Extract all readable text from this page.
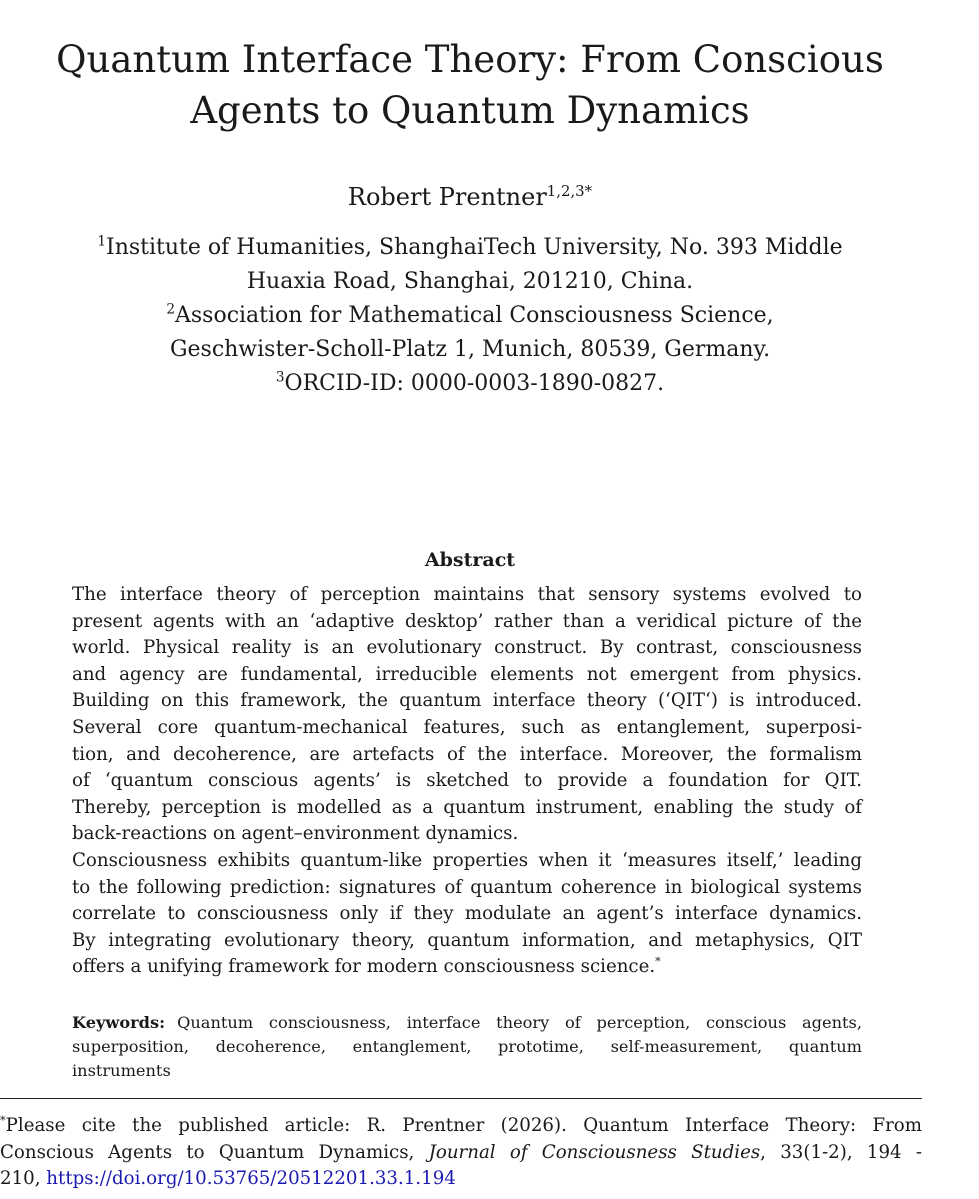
Quantum Interface Theory: From Conscious
Agents to Quantum Dynamics
Robert Prentner$^{1,2,3*}$
$^1$Institute of Humanities, ShanghaiTech University, No. 393 Middle
Huaxia Road, Shanghai, 201210, China.
$^2$Association for Mathematical Consciousness Science,
Geschwister-Scholl-Platz 1, Munich, 80539, Germany.
$^3$ORCID-ID: 0000-0003-1890-0827.
Abstract
The interface theory of perception maintains that sensory systems evolved to
present agents with an ‘adaptive desktop’ rather than a veridical picture of the
world. Physical reality is an evolutionary construct. By contrast, consciousness
and agency are fundamental, irreducible elements not emergent from physics.
Building on this framework, the quantum interface theory (‘QIT‘) is introduced.
Several core quantum-mechanical features, such as entanglement, superposi-
tion, and decoherence, are artefacts of the interface. Moreover, the formalism
of ‘quantum conscious agents’ is sketched to provide a foundation for QIT.
Thereby, perception is modelled as a quantum instrument, enabling the study of
back-reactions on agent–environment dynamics.
Consciousness exhibits quantum-like properties when it ‘measures itself,’ leading
to the following prediction: signatures of quantum coherence in biological systems
correlate to consciousness only if they modulate an agent’s interface dynamics.
By integrating evolutionary theory, quantum information, and metaphysics, QIT
offers a unifying framework for modern consciousness science.*
Keywords: Quantum consciousness, interface theory of perception, conscious agents,
superposition, decoherence, entanglement, prototime, self-measurement, quantum
instruments
*Please cite the published article: R. Prentner (2026). Quantum Interface Theory: From
Conscious Agents to Quantum Dynamics, Journal of Consciousness Studies, 33(1-2), 194 -
210, https://doi.org/10.53765/20512201.33.1.194
